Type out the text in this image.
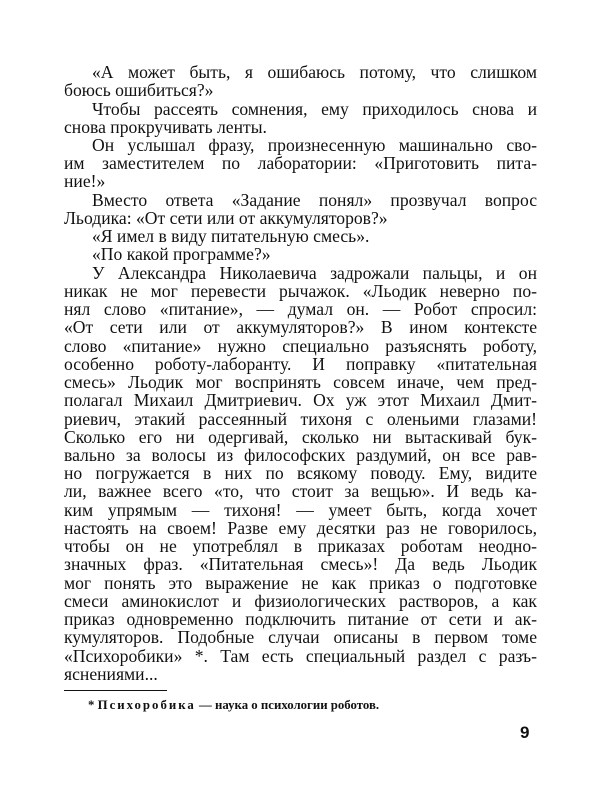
«А может быть, я ошибаюсь потому, что слишком
боюсь ошибиться?»
Чтобы рассеять сомнения, ему приходилось снова и
снова прокручивать ленты.
Он услышал фразу, произнесенную машинально сво-
им заместителем по лаборатории: «Приготовить пита-
ние!»
Вместо ответа «Задание понял» прозвучал вопрос
Льодика: «От сети или от аккумуляторов?»
«Я имел в виду питательную смесь».
«По какой программе?»
У Александра Николаевича задрожали пальцы, и он
никак не мог перевести рычажок. «Льодик неверно по-
нял слово «питание», — думал он. — Робот спросил:
«От сети или от аккумуляторов?» В ином контексте
слово «питание» нужно специально разъяснять роботу,
особенно роботу-лаборанту. И поправку «питательная
смесь» Льодик мог воспринять совсем иначе, чем пред-
полагал Михаил Дмитриевич. Ох уж этот Михаил Дмит-
риевич, этакий рассеянный тихоня с оленьими глазами!
Сколько его ни одергивай, сколько ни вытаскивай бук-
вально за волосы из философских раздумий, он все рав-
но погружается в них по всякому поводу. Ему, видите
ли, важнее всего «то, что стоит за вещью». И ведь ка-
ким упрямым — тихоня! — умеет быть, когда хочет
настоять на своем! Разве ему десятки раз не говорилось,
чтобы он не употреблял в приказах роботам неодно-
значных фраз. «Питательная смесь»! Да ведь Льодик
мог понять это выражение не как приказ о подготовке
смеси аминокислот и физиологических растворов, а как
приказ одновременно подключить питание от сети и ак-
кумуляторов. Подобные случаи описаны в первом томе
«Психоробики» *. Там есть специальный раздел с разъ-
яснениями...
* Психоробика — наука о психологии роботов.
9
